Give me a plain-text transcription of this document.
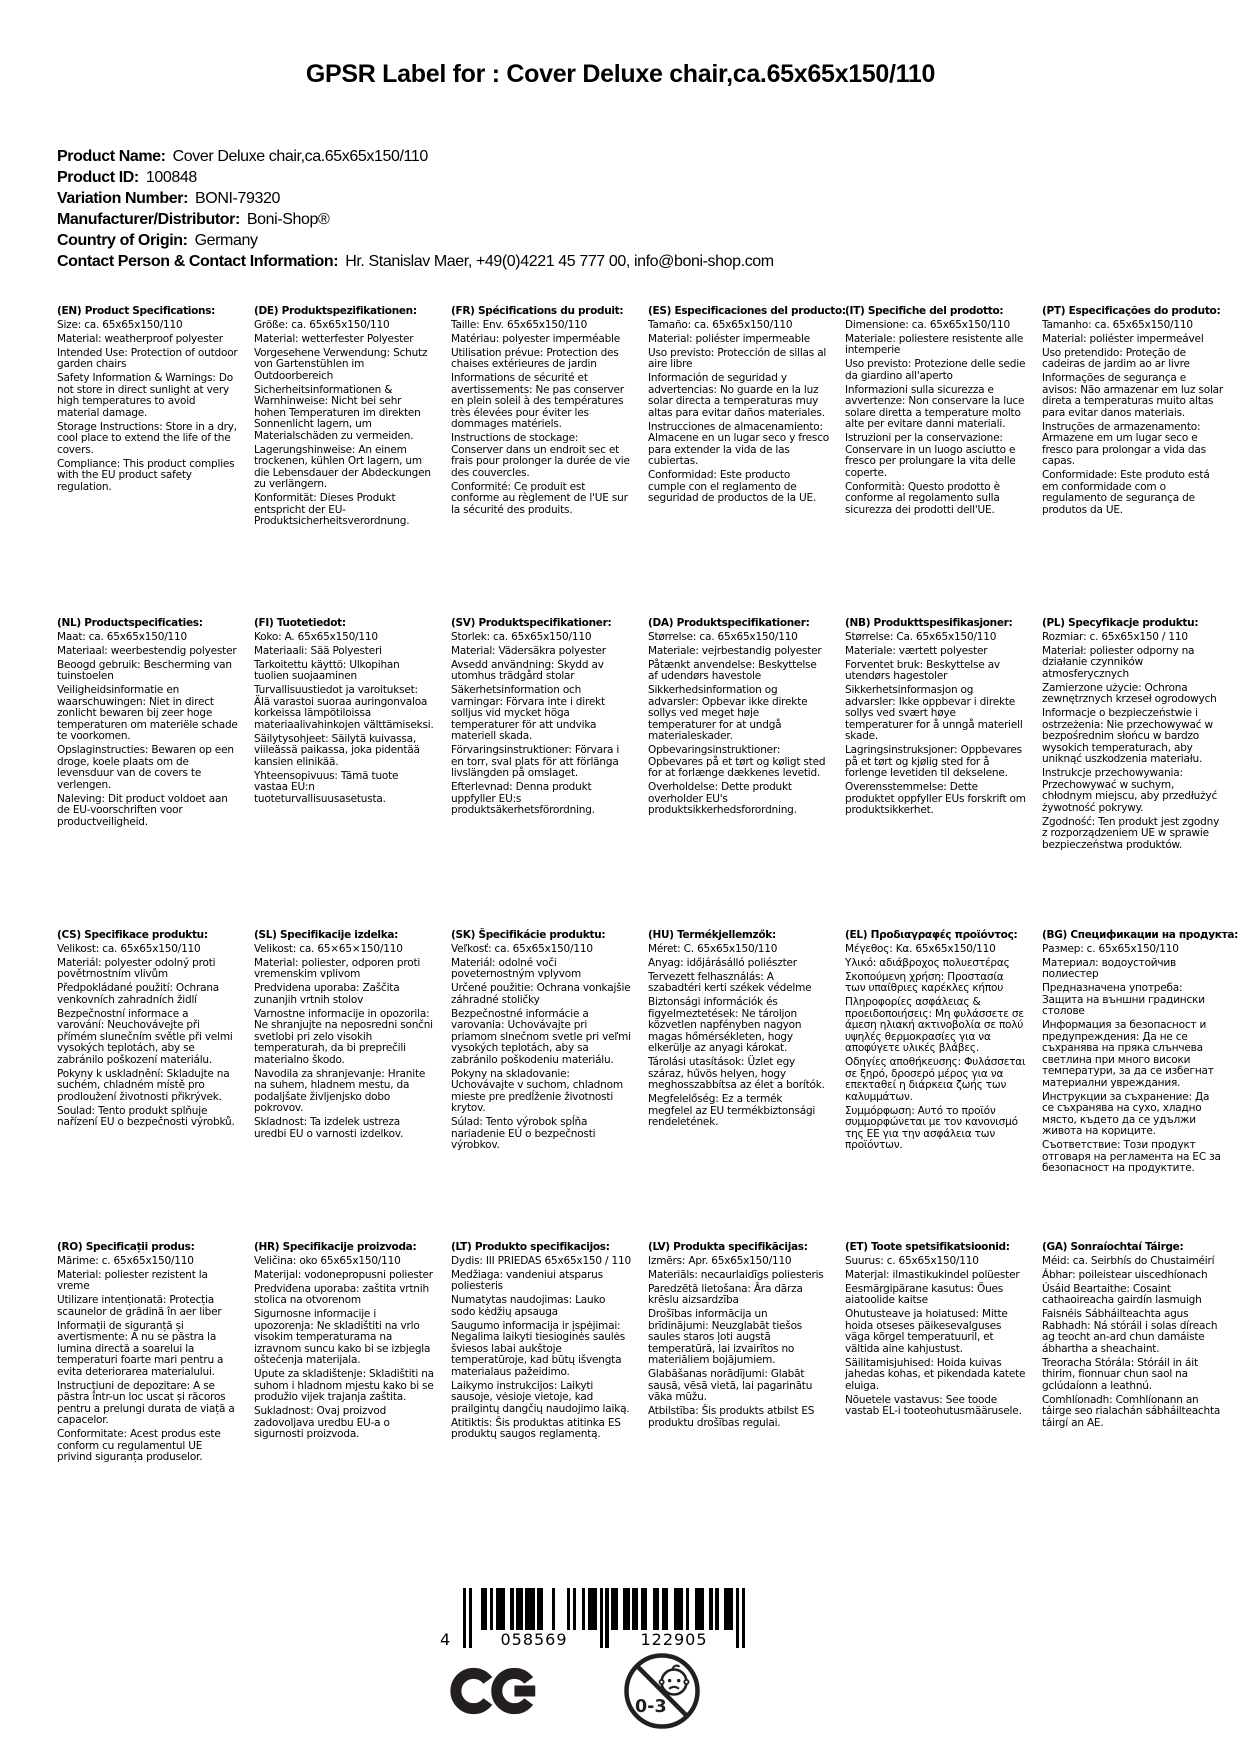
GPSR Label for : Cover Deluxe chair,ca.65x65x150/110
Product Name: Cover Deluxe chair,ca.65x65x150/110
Product ID: 100848
Variation Number: BONI-79320
Manufacturer/Distributor: Boni-Shop®
Country of Origin: Germany
Contact Person & Contact Information: Hr. Stanislav Maer, +49(0)4221 45 777 00, info@boni-shop.com
(EN) Product Specifications:

Size: ca. 65x65x150/110

Material: weatherproof polyester

Intended Use: Protection of outdoor garden chairs

Safety Information & Warnings: Do not store in direct sunlight at very high temperatures to avoid material damage.

Storage Instructions: Store in a dry, cool place to extend the life of the covers.

Compliance: This product complies with the EU product safety regulation.

(DE) Produktspezifikationen:

Größe: ca. 65x65x150/110

Material: wetterfester Polyester

Vorgesehene Verwendung: Schutz von Gartenstühlen im Outdoorbereich

Sicherheitsinformationen & Warnhinweise: Nicht bei sehr hohen Temperaturen im direkten Sonnenlicht lagern, um Materialschäden zu vermeiden.

Lagerungshinweise: An einem trockenen, kühlen Ort lagern, um die Lebensdauer der Abdeckungen zu verlängern.

Konformität: Dieses Produkt entspricht der EU-Produktsicherheitsverordnung.

(FR) Spécifications du produit:

Taille: Env. 65x65x150/110

Matériau: polyester imperméable

Utilisation prévue: Protection des chaises extérieures de jardin

Informations de sécurité et avertissements: Ne pas conserver en plein soleil à des températures très élevées pour éviter les dommages matériels.

Instructions de stockage: Conserver dans un endroit sec et frais pour prolonger la durée de vie des couvercles.

Conformité: Ce produit est conforme au règlement de l'UE sur la sécurité des produits.

(ES) Especificaciones del producto:

Tamaño: ca. 65x65x150/110

Material: poliéster impermeable

Uso previsto: Protección de sillas al aire libre

Información de seguridad y advertencias: No guarde en la luz solar directa a temperaturas muy altas para evitar daños materiales.

Instrucciones de almacenamiento: Almacene en un lugar seco y fresco para extender la vida de las cubiertas.

Conformidad: Este producto cumple con el reglamento de seguridad de productos de la UE.

(IT) Specifiche del prodotto:

Dimensione: ca. 65x65x150/110

Materiale: poliestere resistente alle intemperie

Uso previsto: Protezione delle sedie da giardino all'aperto

Informazioni sulla sicurezza e avvertenze: Non conservare la luce solare diretta a temperature molto alte per evitare danni materiali.

Istruzioni per la conservazione: Conservare in un luogo asciutto e fresco per prolungare la vita delle coperte.

Conformità: Questo prodotto è conforme al regolamento sulla sicurezza dei prodotti dell'UE.

(PT) Especificações do produto:

Tamanho: ca. 65x65x150/110

Material: poliéster impermeável

Uso pretendido: Proteção de cadeiras de jardim ao ar livre

Informações de segurança e avisos: Não armazenar em luz solar direta a temperaturas muito altas para evitar danos materiais.

Instruções de armazenamento: Armazene em um lugar seco e fresco para prolongar a vida das capas.

Conformidade: Este produto está em conformidade com o regulamento de segurança de produtos da UE.

(NL) Productspecificaties:

Maat: ca. 65x65x150/110

Materiaal: weerbestendig polyester

Beoogd gebruik: Bescherming van tuinstoelen

Veiligheidsinformatie en waarschuwingen: Niet in direct zonlicht bewaren bij zeer hoge temperaturen om materiële schade te voorkomen.

Opslaginstructies: Bewaren op een droge, koele plaats om de levensduur van de covers te verlengen.

Naleving: Dit product voldoet aan de EU-voorschriften voor productveiligheid.

(FI) Tuotetiedot:

Koko: A. 65x65x150/110

Materiaali: Sää Polyesteri

Tarkoitettu käyttö: Ulkopihan tuolien suojaaminen

Turvallisuustiedot ja varoitukset: Älä varastoi suoraa auringonvaloa korkeissa lämpötiloissa materiaalivahinkojen välttämiseksi.

Säilytysohjeet: Säilytä kuivassa, viileässä paikassa, joka pidentää kansien elinikää.

Yhteensopivuus: Tämä tuote vastaa EU:n tuoteturvallisuusasetusta.

(SV) Produktspecifikationer:

Storlek: ca. 65x65x150/110

Material: Vädersäkra polyester

Avsedd användning: Skydd av utomhus trädgård stolar

Säkerhetsinformation och varningar: Förvara inte i direkt solljus vid mycket höga temperaturer för att undvika materiell skada.

Förvaringsinstruktioner: Förvara i en torr, sval plats för att förlänga livslängden på omslaget.

Efterlevnad: Denna produkt uppfyller EU:s produktsäkerhetsförordning.

(DA) Produktspecifikationer:

Størrelse: ca. 65x65x150/110

Materiale: vejrbestandig polyester

Påtænkt anvendelse: Beskyttelse af udendørs havestole

Sikkerhedsinformation og advarsler: Opbevar ikke direkte sollys ved meget høje temperaturer for at undgå materialeskader.

Opbevaringsinstruktioner: Opbevares på et tørt og køligt sted for at forlænge dækkenes levetid.

Overholdelse: Dette produkt overholder EU's produktsikkerhedsforordning.

(NB) Produkttspesifikasjoner:

Størrelse: Ca. 65x65x150/110

Materiale: værtett polyester

Forventet bruk: Beskyttelse av utendørs hagestoler

Sikkerhetsinformasjon og advarsler: Ikke oppbevar i direkte sollys ved svært høye temperaturer for å unngå materiell skade.

Lagringsinstruksjoner: Oppbevares på et tørt og kjølig sted for å forlenge levetiden til dekselene.

Overensstemmelse: Dette produktet oppfyller EUs forskrift om produktsikkerhet.

(PL) Specyfikacje produktu:

Rozmiar: c. 65x65x150 / 110

Materiał: poliester odporny na działanie czynników atmosferycznych

Zamierzone użycie: Ochrona zewnętrznych krzeseł ogrodowych

Informacje o bezpieczeństwie i ostrzeżenia: Nie przechowywać w bezpośrednim słońcu w bardzo wysokich temperaturach, aby uniknąć uszkodzenia materiału.

Instrukcje przechowywania: Przechowywać w suchym, chłodnym miejscu, aby przedłużyć żywotność pokrywy.

Zgodność: Ten produkt jest zgodny z rozporządzeniem UE w sprawie bezpieczeństwa produktów.

(CS) Specifikace produktu:

Velikost: ca. 65x65x150/110

Materiál: polyester odolný proti povětrnostním vlivům

Předpokládané použití: Ochrana venkovních zahradních židlí

Bezpečnostní informace a varování: Neuchovávejte při přímém slunečním světle při velmi vysokých teplotách, aby se zabránilo poškození materiálu.

Pokyny k uskladnění: Skladujte na suchém, chladném místě pro prodloužení životnosti přikrývek.

Soulad: Tento produkt splňuje nařízení EU o bezpečnosti výrobků.

(SL) Specifikacije izdelka:

Velikost: ca. 65×65×150/110

Material: poliester, odporen proti vremenskim vplivom

Predvidena uporaba: Zaščita zunanjih vrtnih stolov

Varnostne informacije in opozorila: Ne shranjujte na neposredni sončni svetlobi pri zelo visokih temperaturah, da bi preprečili materialno škodo.

Navodila za shranjevanje: Hranite na suhem, hladnem mestu, da podaljšate življenjsko dobo pokrovov.

Skladnost: Ta izdelek ustreza uredbi EU o varnosti izdelkov.

(SK) Špecifikácie produktu:

Veľkosť: ca. 65x65x150/110

Materiál: odolné voči poveternostným vplyvom

Určené použitie: Ochrana vonkajšie záhradné stoličky

Bezpečnostné informácie a varovania: Uchovávajte pri priamom slnečnom svetle pri veľmi vysokých teplotách, aby sa zabránilo poškodeniu materiálu.

Pokyny na skladovanie: Uchovávajte v suchom, chladnom mieste pre predĺženie životnosti krytov.

Súlad: Tento výrobok spĺňa nariadenie EÚ o bezpečnosti výrobkov.

(HU) Termékjellemzők:

Méret: C. 65x65x150/110

Anyag: időjárásálló poliészter

Tervezett felhasználás: A szabadtéri kerti székek védelme

Biztonsági információk és figyelmeztetések: Ne tároljon közvetlen napfényben nagyon magas hőmérsékleten, hogy elkerülje az anyagi károkat.

Tárolási utasítások: Üzlet egy száraz, hűvös helyen, hogy meghosszabbítsa az élet a borítók.

Megfelelőség: Ez a termék megfelel az EU termékbiztonsági rendeletének.

(EL) Προδιαγραφές προϊόντος:

Μέγεθος: Κα. 65x65x150/110

Υλικό: αδιάβροχος πολυεστέρας

Σκοπούμενη χρήση: Προστασία των υπαίθριες καρέκλες κήπου

Πληροφορίες ασφάλειας & προειδοποιήσεις: Μη φυλάσσετε σε άμεση ηλιακή ακτινοβολία σε πολύ υψηλές θερμοκρασίες για να αποφύγετε υλικές βλάβες.

Οδηγίες αποθήκευσης: Φυλάσσεται σε ξηρό, δροσερό μέρος για να επεκταθεί η διάρκεια ζωής των καλυμμάτων.

Συμμόρφωση: Αυτό το προϊόν συμμορφώνεται με τον κανονισμό της ΕΕ για την ασφάλεια των προϊόντων.

(BG) Спецификации на продукта:

Размер: c. 65x65x150/110

Материал: водоустойчив полиестер

Предназначена употреба: Защита на външни градински столове

Информация за безопасност и предупреждения: Да не се съхранява на пряка слънчева светлина при много високи температури, за да се избегнат материални увреждания.

Инструкции за съхранение: Да се съхранява на сухо, хладно място, където да се удължи живота на кориците.

Съответствие: Този продукт отговаря на регламента на ЕС за безопасност на продуктите.

(RO) Specificații produs:

Mărime: c. 65x65x150/110

Material: poliester rezistent la vreme

Utilizare intenționată: Protecția scaunelor de grădină în aer liber

Informații de siguranță și avertismente: A nu se păstra la lumina directă a soarelui la temperaturi foarte mari pentru a evita deteriorarea materialului.

Instrucțiuni de depozitare: A se păstra într-un loc uscat și răcoros pentru a prelungi durata de viață a capacelor.

Conformitate: Acest produs este conform cu regulamentul UE privind siguranța produselor.

(HR) Specifikacije proizvoda:

Veličina: oko 65x65x150/110

Materijal: vodonepropusni poliester

Predviđena uporaba: zaštita vrtnih stolica na otvorenom

Sigurnosne informacije i upozorenja: Ne skladištiti na vrlo visokim temperaturama na izravnom suncu kako bi se izbjegla oštećenja materijala.

Upute za skladištenje: Skladištiti na suhom i hladnom mjestu kako bi se produžio vijek trajanja zaštita.

Sukladnost: Ovaj proizvod zadovoljava uredbu EU-a o sigurnosti proizvoda.

(LT) Produkto specifikacijos:

Dydis: III PRIEDAS 65x65x150 / 110

Medžiaga: vandeniui atsparus poliesteris

Numatytas naudojimas: Lauko sodo kėdžių apsauga

Saugumo informacija ir įspėjimai: Negalima laikyti tiesioginės saulės šviesos labai aukštoje temperatūroje, kad būtų išvengta materialaus pažeidimo.

Laikymo instrukcijos: Laikyti sausoje, vėsioje vietoje, kad prailgintų dangčių naudojimo laiką.

Atitiktis: Šis produktas atitinka ES produktų saugos reglamentą.

(LV) Produkta specifikācijas:

Izmērs: Apr. 65x65x150/110

Materiāls: necaurlaidīgs poliesteris

Paredzētā lietošana: Āra dārza krēslu aizsardzība

Drošības informācija un brīdinājumi: Neuzglabāt tiešos saules staros ļoti augstā temperatūrā, lai izvairītos no materiāliem bojājumiem.

Glabāšanas norādījumi: Glabāt sausā, vēsā vietā, lai pagarinātu vāka mūžu.

Atbilstība: Šis produkts atbilst ES produktu drošības regulai.

(ET) Toote spetsifikatsioonid:

Suurus: c. 65x65x150/110

Materjal: ilmastikukindel polüester

Eesmärgipärane kasutus: Õues aiatoolide kaitse

Ohutusteave ja hoiatused: Mitte hoida otseses päikesevalguses väga kõrgel temperatuuril, et vältida aine kahjustust.

Säilitamisjuhised: Hoida kuivas jahedas kohas, et pikendada katete eluiga.

Nõuetele vastavus: See toode vastab EL-i tooteohutusmäärusele.

(GA) Sonraíochtaí Táirge:

Méid: ca. Seirbhís do Chustaiméirí

Ábhar: poileistear uiscedhíonach

Úsáid Beartaithe: Cosaint cathaoireacha gairdín lasmuigh

Faisnéis Sábháilteachta agus Rabhadh: Ná stóráil i solas díreach ag teocht an-ard chun damáiste ábhartha a sheachaint.

Treoracha Stórála: Stóráil in áit thirim, fionnuar chun saol na gclúdaíonn a leathnú.

Comhlíonadh: Comhlíonann an táirge seo rialachán sábháilteachta táirgí an AE.

4	058569	122905
0-3
